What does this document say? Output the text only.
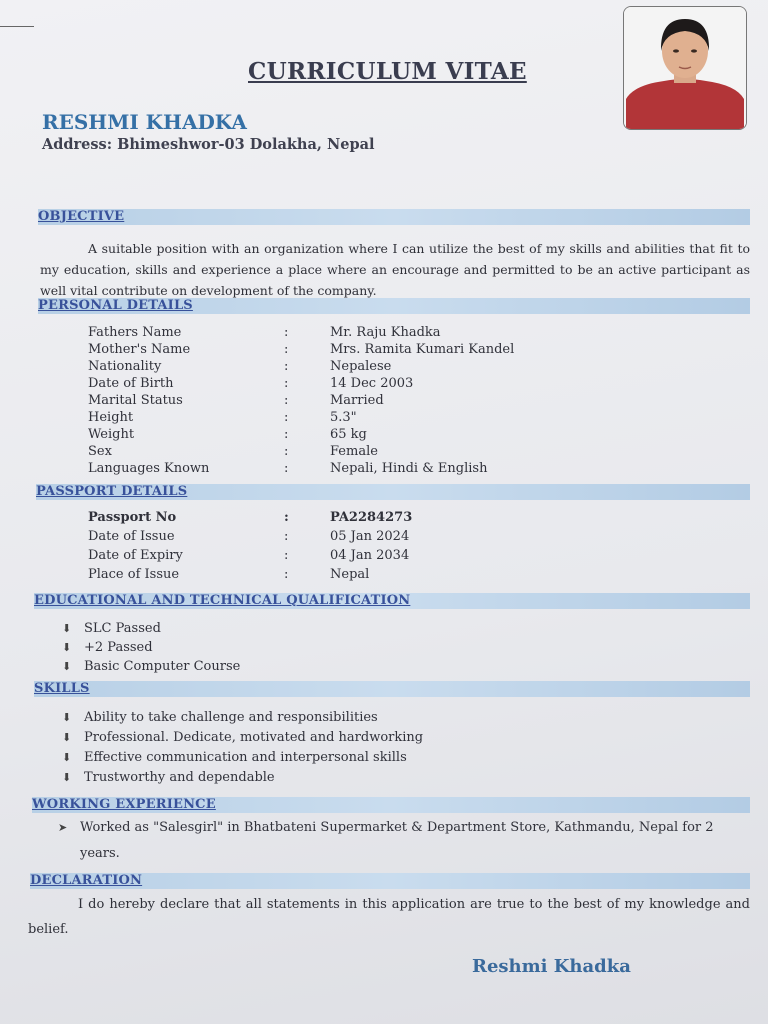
CURRICULUM VITAE
RESHMI KHADKA
Address: Bhimeshwor-03 Dolakha, Nepal
OBJECTIVE
A suitable position with an organization where I can utilize the best of my skills and abilities that fit to my education, skills and experience a place where an encourage and permitted to be an active participant as well vital contribute on development of the company.
PERSONAL DETAILS
Fathers Name	:	Mr. Raju Khadka
Mother's Name	:	Mrs. Ramita Kumari Kandel
Nationality	:	Nepalese
Date of Birth	:	14 Dec 2003
Marital Status	:	Married
Height	:	5.3"
Weight	:	65 kg
Sex	:	Female
Languages Known	:	Nepali, Hindi & English
PASSPORT DETAILS
Passport No	:	PA2284273
Date of Issue	:	05 Jan 2024
Date of Expiry	:	04 Jan 2034
Place of Issue	:	Nepal
EDUCATIONAL AND TECHNICAL QUALIFICATION
⬇ SLC Passed
⬇ +2 Passed
⬇ Basic Computer Course
SKILLS
⬇ Ability to take challenge and responsibilities
⬇ Professional. Dedicate, motivated and hardworking
⬇ Effective communication and interpersonal skills
⬇ Trustworthy and dependable
WORKING EXPERIENCE
➤ Worked as "Salesgirl" in Bhatbateni Supermarket & Department Store, Kathmandu, Nepal for 2
years.
DECLARATION
I do hereby declare that all statements in this application are true to the best of my knowledge and belief.
Reshmi Khadka
